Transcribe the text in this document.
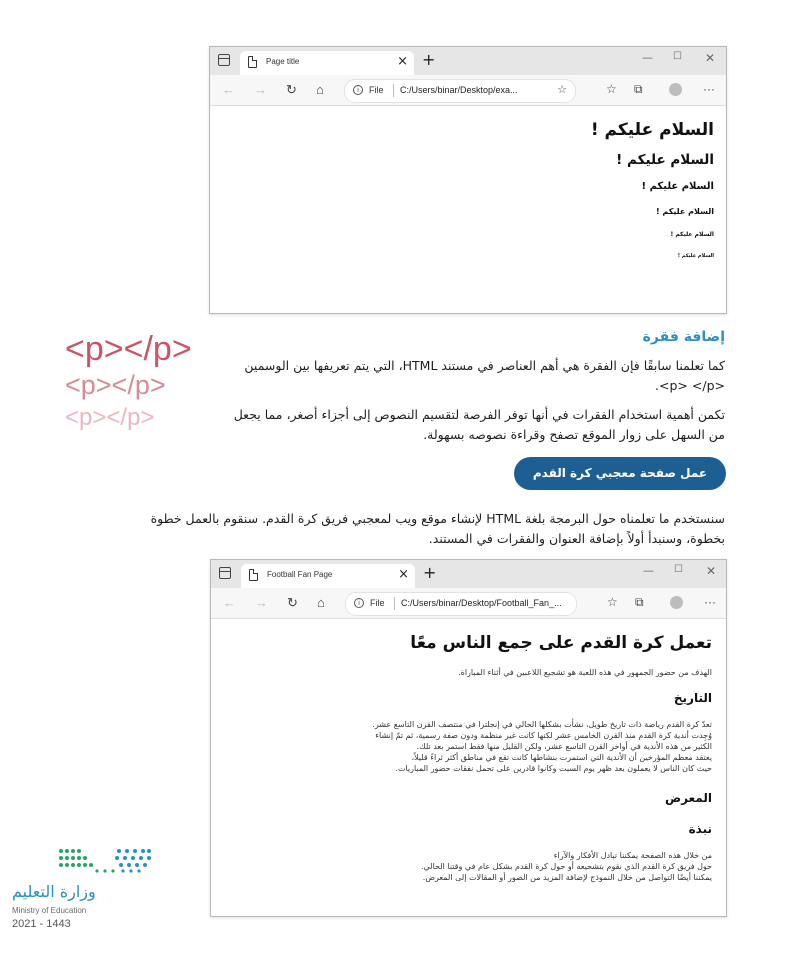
Page title	× +	— ☐ ✕
← → ↻ ⌂	i	File C:/Users/binar/Desktop/exa...	☆	☆ ⧉	···
السلام عليكم !
السلام عليكم !
السلام عليكم !
السلام عليكم !
السلام عليكم !
السلام عليكم !
<p></p>
<p></p>
<p></p>
إضافة فقرة
كما تعلمنا سابقًا فإن الفقرة هي أهم العناصر في مستند HTML، التي يتم تعريفها بين الوسمين <p> </p>.
تكمن أهمية استخدام الفقرات في أنها توفر الفرصة لتقسيم النصوص إلى أجزاء أصغر، مما يجعل من السهل على زوار الموقع تصفح وقراءة نصوصه بسهولة.
عمل صفحة معجبي كرة القدم
سنستخدم ما تعلمناه حول البرمجة بلغة HTML لإنشاء موقع ويب لمعجبي فريق كرة القدم. سنقوم بالعمل خطوة بخطوة، وسنبدأ أولاً بإضافة العنوان والفقرات في المستند.
Football Fan Page	× +	— ☐ ✕
← → ↻ ⌂	i	File C:/Users/binar/Desktop/Football_Fan_...	☆ ⧉	···
تعمل كرة القدم على جمع الناس معًا
الهدف من حضور الجمهور في هذه اللعبة هو تشجيع اللاعبين في أثناء المباراة.
التاريخ
تعدّ كرة القدم رياضة ذات تاريخ طويل، نشأت بشكلها الحالي في إنجلترا في منتصف القرن التاسع عشر.
وُجِدت أندية كرة القدم منذ القرن الخامس عشر لكنها كانت غير منظمة ودون صفة رسمية، ثم تمّ إنشاء
الكثير من هذه الأندية في أواخر القرن التاسع عشر، ولكن القليل منها فقط استمر بعد تلك.
يعتقد معظم المؤرخين أن الأندية التي استمرت بنشاطها كانت تقع في مناطق أكثر ثراءً قليلاً،
حيث كان الناس لا يعملون بعد ظهر يوم السبت وكانوا قادرين على تحمل نفقات حضور المباريات.
المعرض
نبذة
من خلال هذه الصفحة يمكننا تبادل الأفكار والآراء
حول فريق كرة القدم الذي نقوم بتشجيعه أو حول كرة القدم بشكل عام في وقتنا الحالي.
يمكننا أيضًا التواصل من خلال النموذج لإضافة المزيد من الصور أو المقالات إلى المعرض.
وزارة التعليم
Ministry of Education
2021 - 1443
